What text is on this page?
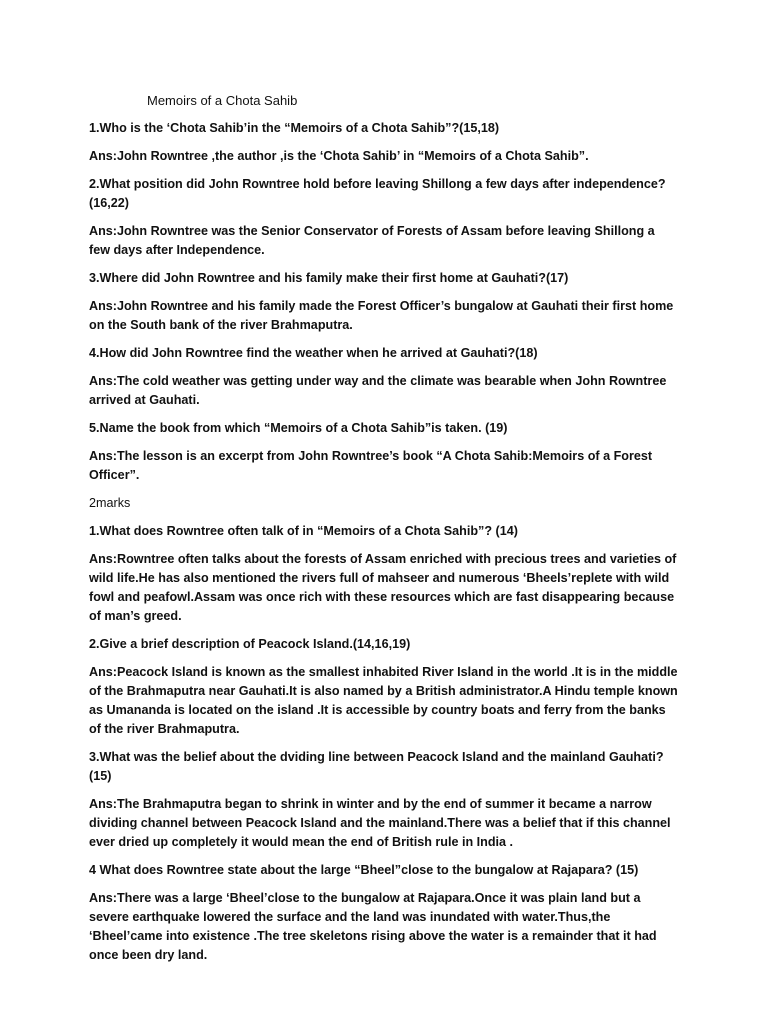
Memoirs of a Chota Sahib
1.Who is the ‘Chota Sahib’in the “Memoirs of a Chota Sahib”?(15,18)
Ans:John Rowntree ,the author ,is the ‘Chota Sahib’ in “Memoirs of a Chota Sahib”.
2.What position did John Rowntree hold before leaving Shillong a few days after independence?(16,22)
Ans:John Rowntree was the Senior Conservator of Forests of Assam before leaving Shillong a few days after Independence.
3.Where did John Rowntree and his family make their first home at Gauhati?(17)
Ans:John Rowntree and his family made the Forest Officer’s bungalow at Gauhati their first home on the South bank of the river Brahmaputra.
4.How did John Rowntree find the weather when he arrived at Gauhati?(18)
Ans:The cold weather was getting under way and the climate was bearable when John Rowntree arrived at Gauhati.
5.Name the book from which “Memoirs of a Chota Sahib”is taken. (19)
Ans:The lesson is an excerpt from John Rowntree’s book “A Chota Sahib:Memoirs of a Forest Officer”.
2marks
1.What does Rowntree often talk of in “Memoirs of a Chota Sahib”? (14)
Ans:Rowntree often talks about the forests of Assam enriched with precious trees and varieties of wild life.He has also mentioned the rivers full of mahseer and numerous ‘Bheels’replete with wild fowl and peafowl.Assam was once rich with these resources which are fast disappearing because of man’s greed.
2.Give a brief description of Peacock Island.(14,16,19)
Ans:Peacock Island is known as the smallest inhabited River Island in the world .It is in the middle of the Brahmaputra near Gauhati.It is also named by a British administrator.A Hindu temple known as Umananda is located on the island .It is accessible by country boats and ferry from the banks of the river Brahmaputra.
3.What was the belief about the dviding line between Peacock Island and the mainland Gauhati? (15)
Ans:The Brahmaputra began to shrink in winter and by the end of summer it became a narrow dividing channel between Peacock Island and the mainland.There was a belief that if this channel ever dried up completely it would mean the end of British rule in India .
4 What does Rowntree state about the large “Bheel”close to the bungalow at Rajapara? (15)
Ans:There was a large ‘Bheel’close to the bungalow at Rajapara.Once it was plain land but a severe earthquake lowered the surface and the land was inundated with water.Thus,the ‘Bheel’came into existence .The tree skeletons rising above the water is a remainder that it had once been dry land.
